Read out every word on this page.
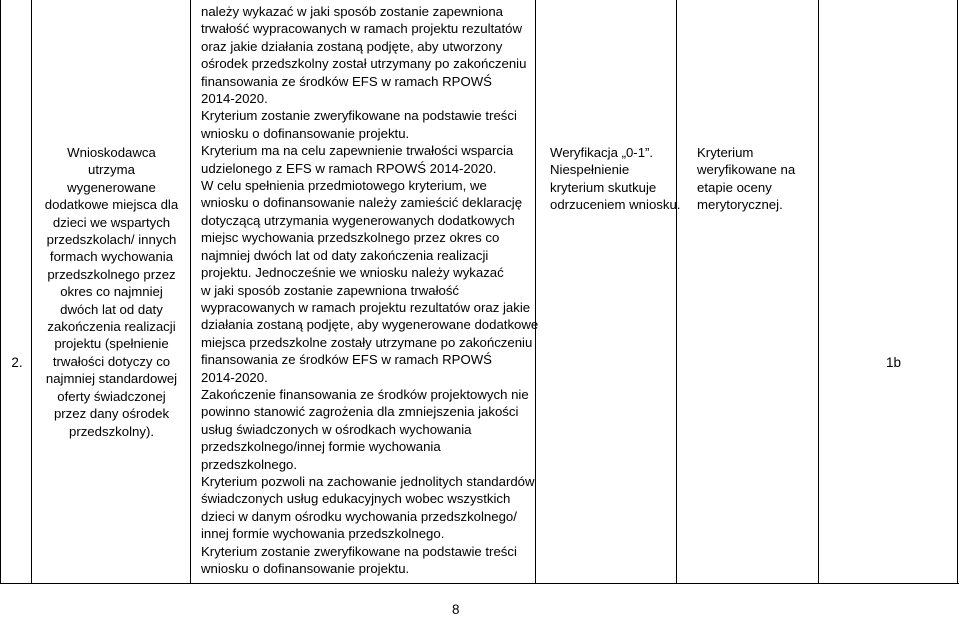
2.
Wnioskodawca
utrzyma
wygenerowane
dodatkowe miejsca dla
dzieci we wspartych
przedszkolach/ innych
formach wychowania
przedszkolnego przez
okres co najmniej
dwóch lat od daty
zakończenia realizacji
projektu (spełnienie
trwałości dotyczy co
najmniej standardowej
oferty świadczonej
przez dany ośrodek
przedszkolny).
należy wykazać w jaki sposób zostanie zapewniona
trwałość wypracowanych w ramach projektu rezultatów
oraz jakie działania zostaną podjęte, aby utworzony
ośrodek przedszkolny został utrzymany po zakończeniu
finansowania ze środków EFS w ramach RPOWŚ
2014-2020.
Kryterium zostanie zweryfikowane na podstawie treści
wniosku o dofinansowanie projektu.
Kryterium ma na celu zapewnienie trwałości wsparcia
udzielonego z EFS w ramach RPOWŚ 2014-2020.
W celu spełnienia przedmiotowego kryterium, we
wniosku o dofinansowanie należy zamieścić deklarację
dotyczącą utrzymania wygenerowanych dodatkowych
miejsc wychowania przedszkolnego przez okres co
najmniej dwóch lat od daty zakończenia realizacji
projektu. Jednocześnie we wniosku należy wykazać
w jaki sposób zostanie zapewniona trwałość
wypracowanych w ramach projektu rezultatów oraz jakie
działania zostaną podjęte, aby wygenerowane dodatkowe
miejsca przedszkolne zostały utrzymane po zakończeniu
finansowania ze środków EFS w ramach RPOWŚ
2014-2020.
Zakończenie finansowania ze środków projektowych nie
powinno stanowić zagrożenia dla zmniejszenia jakości
usług świadczonych w ośrodkach wychowania
przedszkolnego/innej formie wychowania
przedszkolnego.
Kryterium pozwoli na zachowanie jednolitych standardów
świadczonych usług edukacyjnych wobec wszystkich
dzieci w danym ośrodku wychowania przedszkolnego/
innej formie wychowania przedszkolnego.
Kryterium zostanie zweryfikowane na podstawie treści
wniosku o dofinansowanie projektu.
Weryfikacja „0-1”.
Niespełnienie
kryterium skutkuje
odrzuceniem wniosku.
Kryterium
weryfikowane na
etapie oceny
merytorycznej.
1b
8
